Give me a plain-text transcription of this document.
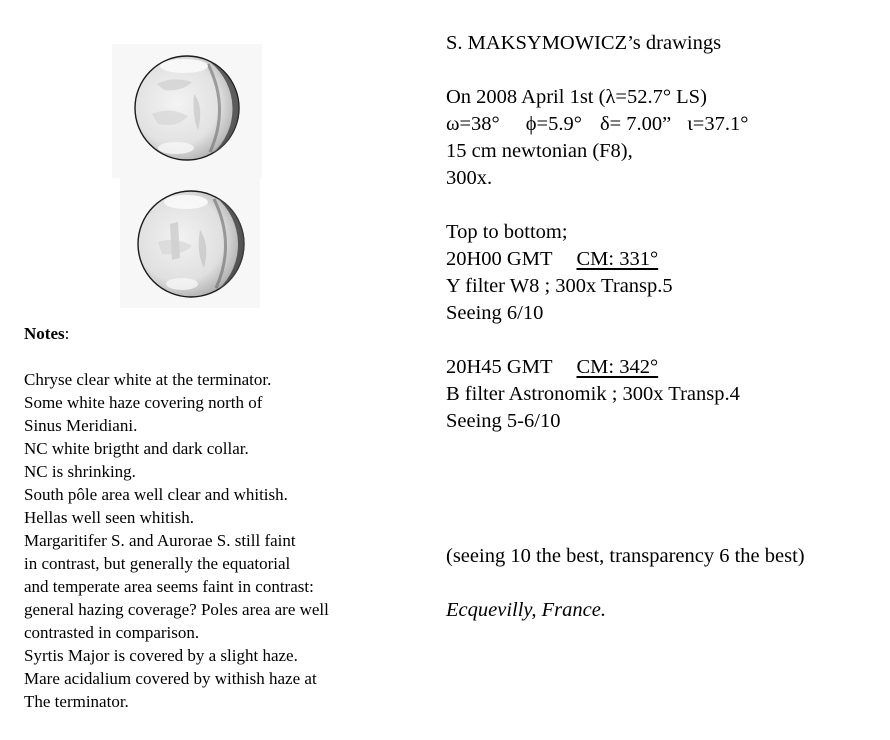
Notes:
Chryse clear white at the terminator.
Some white haze covering north of
Sinus Meridiani.
NC white brigtht and dark collar.
NC is shrinking.
South pôle area well clear and whitish.
Hellas well seen whitish.
Margaritifer S. and Aurorae S. still faint
in contrast, but generally the equatorial
and temperate area seems faint in contrast:
general hazing coverage? Poles area are well
contrasted in comparison.
Syrtis Major is covered by a slight haze.
Mare acidalium covered by withish haze at
The terminator.
S. MAKSYMOWICZ’s drawings
On 2008 April 1st (λ=52.7° LS)
ω=38° ϕ=5.9° δ= 7.00” ι=37.1°
15 cm newtonian (F8),
300x.
Top to bottom;
20H00 GMT CM: 331°
Y filter W8 ; 300x Transp.5
Seeing 6/10
20H45 GMT CM: 342°
B filter Astronomik ; 300x Transp.4
Seeing 5-6/10
(seeing 10 the best, transparency 6 the best)
Ecquevilly, France.
